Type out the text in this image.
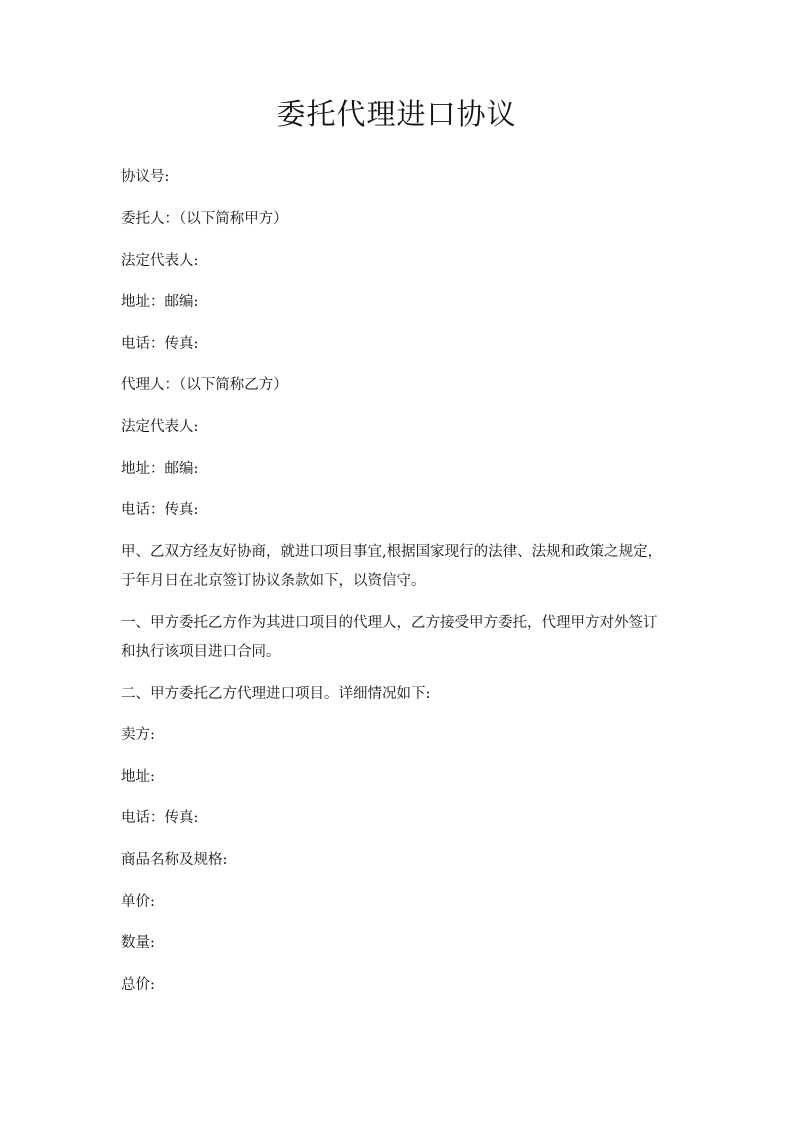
委托代理进口协议

协议号:

委托人：（以下简称甲方）

法定代表人:

地址：邮编:

电话：传真:

代理人：（以下简称乙方）

法定代表人:

地址：邮编:

电话：传真:

甲、乙双方经友好协商，就进口项目事宜,根据国家现行的法律、法规和政策之规定，

于年月日在北京签订协议条款如下，以资信守。

一、甲方委托乙方作为其进口项目的代理人，乙方接受甲方委托，代理甲方对外签订

和执行该项目进口合同。

二、甲方委托乙方代理进口项目。详细情况如下:

卖方:

地址:

电话：传真:

商品名称及规格:

单价:

数量:

总价:
